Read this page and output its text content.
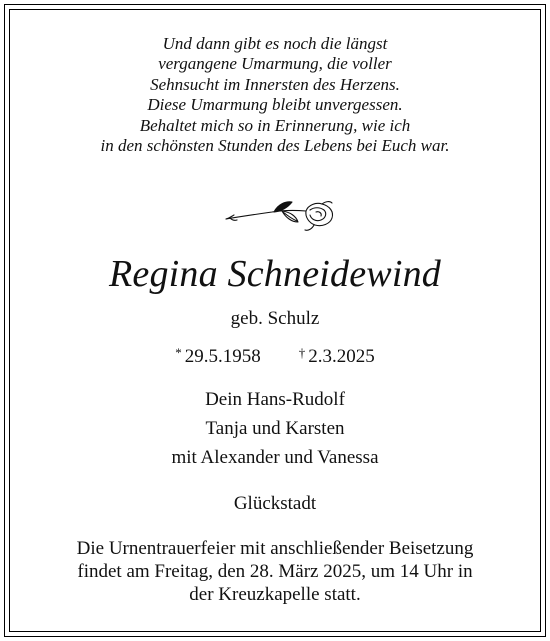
Und dann gibt es noch die längst
vergangene Umarmung, die voller
Sehnsucht im Innersten des Herzens.
Diese Umarmung bleibt unvergessen.
Behaltet mich so in Erinnerung, wie ich
in den schönsten Stunden des Lebens bei Euch war.
Regina Schneidewind
geb. Schulz
* 29.5.1958	† 2.3.2025
Dein Hans-Rudolf
Tanja und Karsten
mit Alexander und Vanessa
Glückstadt
Die Urnentrauerfeier mit anschließender Beisetzung
findet am Freitag, den 28. März 2025, um 14 Uhr in
der Kreuzkapelle statt.
